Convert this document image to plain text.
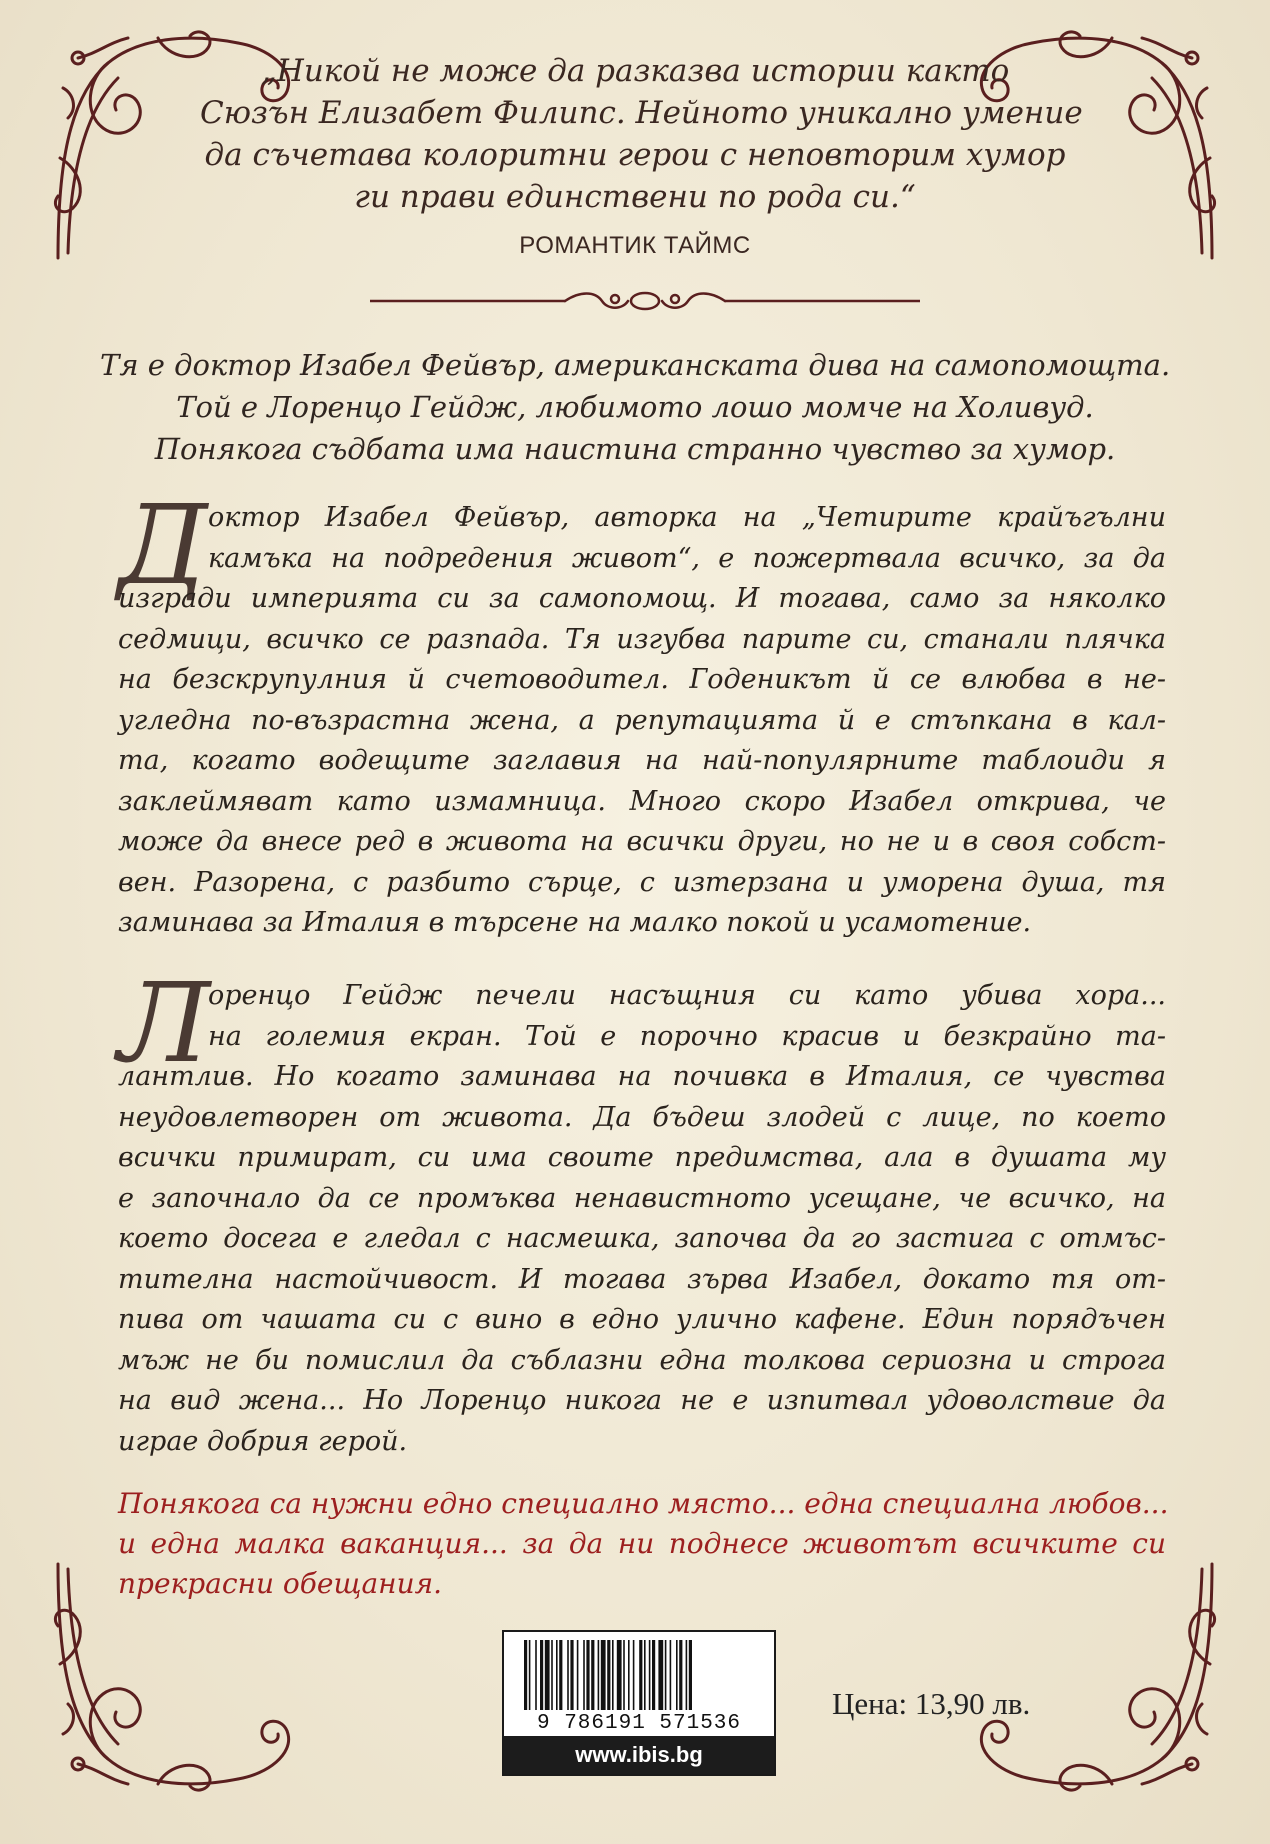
„Никой не може да разказва истории както
Сюзън Елизабет Филипс. Нейното уникално умение
да съчетава колоритни герои с неповторим хумор
ги прави единствени по рода си.“
РОМАНТИК ТАЙМС
Тя е доктор Изабел Фейвър, американската дива на самопомощта.
Той е Лоренцо Гейдж, любимото лошо момче на Холивуд.
Понякога съдбата има наистина странно чувство за хумор.
Д октор Изабел Фейвър, авторка на „Четирите крайъгълни
камъка на подредения живот“, е пожертвала всичко, за да
изгради империята си за самопомощ. И тогава, само за няколко
седмици, всичко се разпада. Тя изгубва парите си, станали плячка
на безскрупулния й счетоводител. Годеникът й се влюбва в не-
угледна по-възрастна жена, а репутацията й е стъпкана в кал-
та, когато водещите заглавия на най-популярните таблоиди я
заклеймяват като измамница. Много скоро Изабел открива, че
може да внесе ред в живота на всички други, но не и в своя собст-
вен. Разорена, с разбито сърце, с изтерзана и уморена душа, тя
заминава за Италия в търсене на малко покой и усамотение.
Л
оренцо Гейдж печели насъщния си като убива хора...
на големия екран. Той е порочно красив и безкрайно та-
лантлив. Но когато заминава на почивка в Италия, се чувства
неудовлетворен от живота. Да бъдеш злодей с лице, по което
всички примират, си има своите предимства, ала в душата му
е започнало да се промъква ненавистното усещане, че всичко, на
което досега е гледал с насмешка, започва да го застига с отмъс-
тителна настойчивост. И тогава зърва Изабел, докато тя от-
пива от чашата си с вино в едно улично кафене. Един порядъчен
мъж не би помислил да съблазни една толкова сериозна и строга
на вид жена... Но Лоренцо никога не е изпитвал удоволствие да
играе добрия герой.
Понякога са нужни едно специално място... една специална любов...
и една малка ваканция... за да ни поднесе животът всичките си
прекрасни обещания.
9 786191 571536
www.ibis.bg
Цена: 13,90 лв.
